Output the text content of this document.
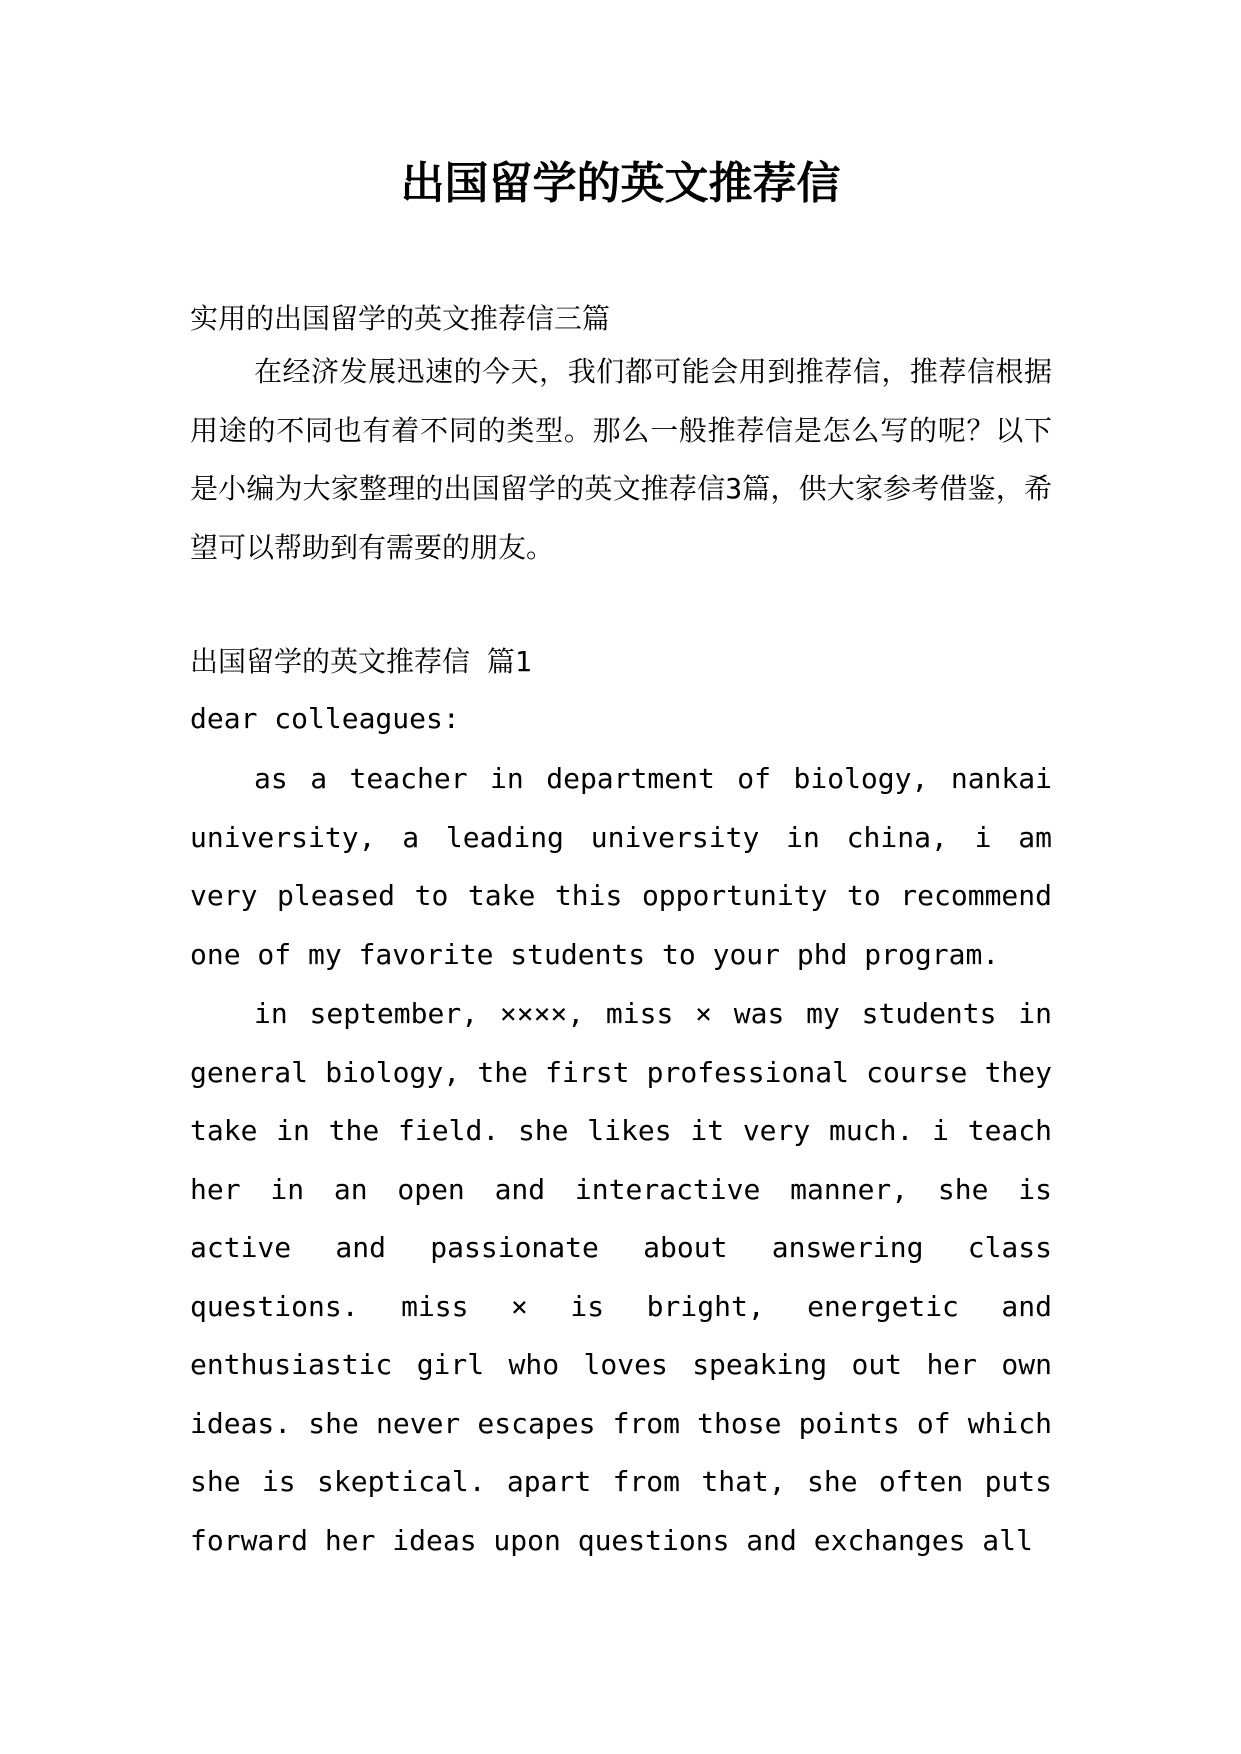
出国留学的英文推荐信

实用的出国留学的英文推荐信三篇

在经济发展迅速的今天，我们都可能会用到推荐信，推荐信根据用途的不同也有着不同的类型。那么一般推荐信是怎么写的呢？以下是小编为大家整理的出国留学的英文推荐信3篇，供大家参考借鉴，希望可以帮助到有需要的朋友。

出国留学的英文推荐信 篇1

dear colleagues:

as a teacher in department of biology, nankai university, a leading university in china, i am very pleased to take this opportunity to recommend one of my favorite students to your phd program.

in september, ××××, miss × was my students in general biology, the first professional course they take in the field. she likes it very much. i teach her in an open and interactive manner, she is active and passionate about answering class questions. miss × is bright, energetic and enthusiastic girl who loves speaking out her own ideas. she never escapes from those points of which she is skeptical. apart from that, she often puts forward her ideas upon questions and exchanges all
